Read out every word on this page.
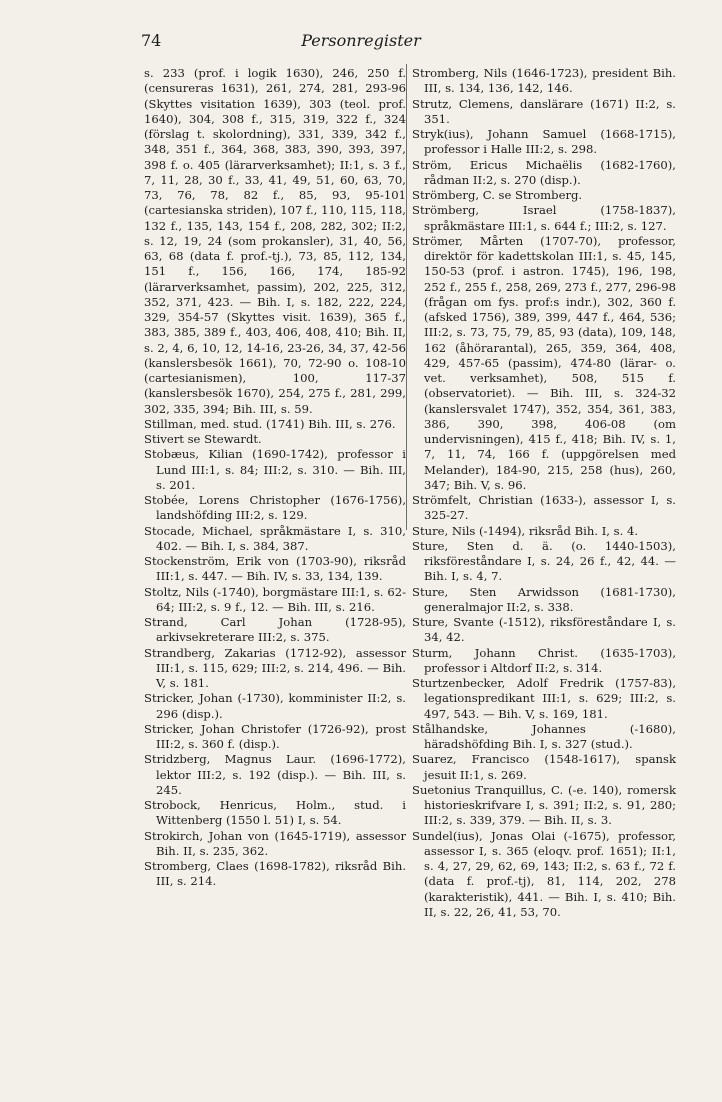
74	Personregister

s. 233 (prof. i logik 1630), 246, 250 f. (censureras 1631), 261, 274, 281, 293-96 (Skyttes visitation 1639), 303 (teol. prof. 1640), 304, 308 f., 315, 319, 322 f., 324 (förslag t. skolordning), 331, 339, 342 f., 348, 351 f., 364, 368, 383, 390, 393, 397, 398 f. o. 405 (lärarverksamhet); II:1, s. 3 f., 7, 11, 28, 30 f., 33, 41, 49, 51, 60, 63, 70, 73, 76, 78, 82 f., 85, 93, 95-101 (cartesianska striden), 107 f., 110, 115, 118, 132 f., 135, 143, 154 f., 208, 282, 302; II:2, s. 12, 19, 24 (som prokansler), 31, 40, 56, 63, 68 (data f. prof.-tj.), 73, 85, 112, 134, 151 f., 156, 166, 174, 185-92 (lärarverksamhet, passim), 202, 225, 312, 352, 371, 423. — Bih. I, s. 182, 222, 224, 329, 354-57 (Skyttes visit. 1639), 365 f., 383, 385, 389 f., 403, 406, 408, 410; Bih. II, s. 2, 4, 6, 10, 12, 14-16, 23-26, 34, 37, 42-56 (kanslersbesök 1661), 70, 72-90 o. 108-10 (cartesianismen), 100, 117-37 (kanslersbesök 1670), 254, 275 f., 281, 299, 302, 335, 394; Bih. III, s. 59.

Stillman, med. stud. (1741) Bih. III, s. 276.

Stivert se Stewardt.

Stobæus, Kilian (1690-1742), professor i Lund III:1, s. 84; III:2, s. 310. — Bih. III, s. 201.

Stobée, Lorens Christopher (1676-1756), landshöfding III:2, s. 129.

Stocade, Michael, språkmästare I, s. 310, 402. — Bih. I, s. 384, 387.

Stockenström, Erik von (1703-90), riksråd III:1, s. 447. — Bih. IV, s. 33, 134, 139.

Stoltz, Nils (-1740), borgmästare III:1, s. 62-64; III:2, s. 9 f., 12. — Bih. III, s. 216.

Strand, Carl Johan (1728-95), arkivsekreterare III:2, s. 375.

Strandberg, Zakarias (1712-92), assessor III:1, s. 115, 629; III:2, s. 214, 496. — Bih. V, s. 181.

Stricker, Johan (-1730), komminister II:2, s. 296 (disp.).

Stricker, Johan Christofer (1726-92), prost III:2, s. 360 f. (disp.).

Stridzberg, Magnus Laur. (1696-1772), lektor III:2, s. 192 (disp.). — Bih. III, s. 245.

Strobock, Henricus, Holm., stud. i Wittenberg (1550 l. 51) I, s. 54.

Strokirch, Johan von (1645-1719), assessor Bih. II, s. 235, 362.

Stromberg, Claes (1698-1782), riksråd Bih. III, s. 214.

Stromberg, Nils (1646-1723), president Bih. III, s. 134, 136, 142, 146.

Strutz, Clemens, danslärare (1671) II:2, s. 351.

Stryk(ius), Johann Samuel (1668-1715), professor i Halle III:2, s. 298.

Ström, Ericus Michaëlis (1682-1760), rådman II:2, s. 270 (disp.).

Strömberg, C. se Stromberg.

Strömberg, Israel (1758-1837), språkmästare III:1, s. 644 f.; III:2, s. 127.

Strömer, Mårten (1707-70), professor, direktör för kadettskolan III:1, s. 45, 145, 150-53 (prof. i astron. 1745), 196, 198, 252 f., 255 f., 258, 269, 273 f., 277, 296-98 (frågan om fys. prof:s indr.), 302, 360 f. (afsked 1756), 389, 399, 447 f., 464, 536; III:2, s. 73, 75, 79, 85, 93 (data), 109, 148, 162 (åhörarantal), 265, 359, 364, 408, 429, 457-65 (passim), 474-80 (lärar- o. vet. verksamhet), 508, 515 f. (observatoriet). — Bih. III, s. 324-32 (kanslersvalet 1747), 352, 354, 361, 383, 386, 390, 398, 406-08 (om undervisningen), 415 f., 418; Bih. IV, s. 1, 7, 11, 74, 166 f. (uppgörelsen med Melander), 184-90, 215, 258 (hus), 260, 347; Bih. V, s. 96.

Strömfelt, Christian (1633-), assessor I, s. 325-27.

Sture, Nils (-1494), riksråd Bih. I, s. 4.

Sture, Sten d. ä. (o. 1440-1503), riksföreståndare I, s. 24, 26 f., 42, 44. — Bih. I, s. 4, 7.

Sture, Sten Arwidsson (1681-1730), generalmajor II:2, s. 338.

Sture, Svante (-1512), riksföreståndare I, s. 34, 42.

Sturm, Johann Christ. (1635-1703), professor i Altdorf II:2, s. 314.

Sturtzenbecker, Adolf Fredrik (1757-83), legationspredikant III:1, s. 629; III:2, s. 497, 543. — Bih. V, s. 169, 181.

Stålhandske, Johannes (-1680), häradshöfding Bih. I, s. 327 (stud.).

Suarez, Francisco (1548-1617), spansk jesuit II:1, s. 269.

Suetonius Tranquillus, C. (-e. 140), romersk historieskrifvare I, s. 391; II:2, s. 91, 280; III:2, s. 339, 379. — Bih. II, s. 3.

Sundel(ius), Jonas Olai (-1675), professor, assessor I, s. 365 (eloqv. prof. 1651); II:1, s. 4, 27, 29, 62, 69, 143; II:2, s. 63 f., 72 f. (data f. prof.-tj), 81, 114, 202, 278 (karakteristik), 441. — Bih. I, s. 410; Bih. II, s. 22, 26, 41, 53, 70.
